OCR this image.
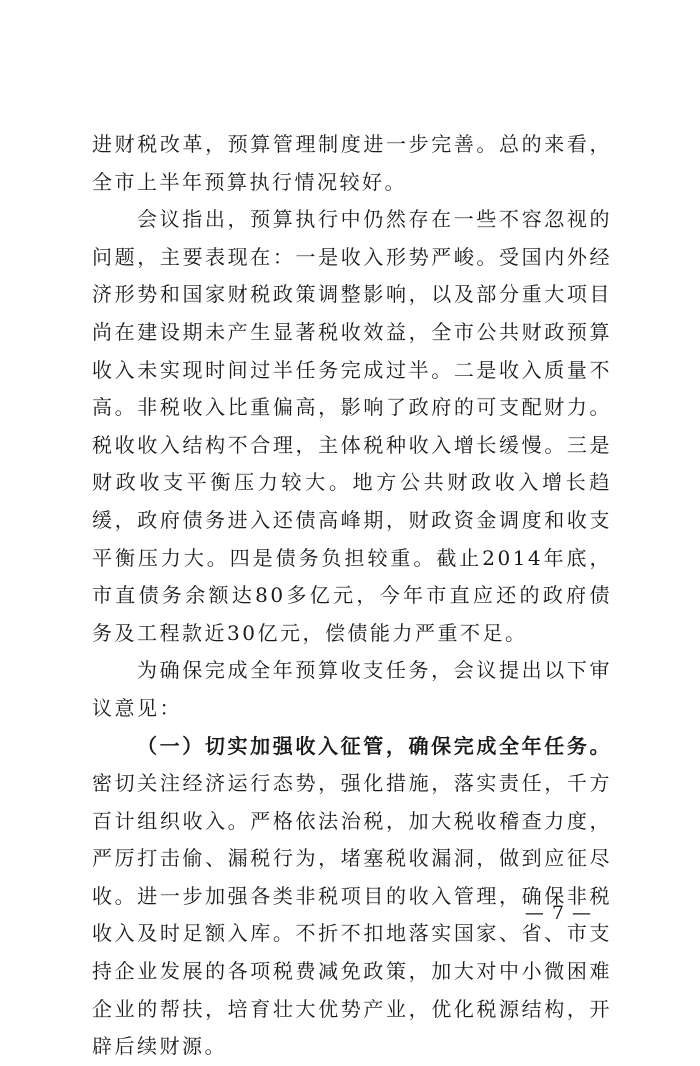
进财税改革，预算管理制度进一步完善。总的来看，全市上半年预算执行情况较好。

会议指出，预算执行中仍然存在一些不容忽视的问题，主要表现在：一是收入形势严峻。受国内外经济形势和国家财税政策调整影响，以及部分重大项目尚在建设期未产生显著税收效益，全市公共财政预算收入未实现时间过半任务完成过半。二是收入质量不高。非税收入比重偏高，影响了政府的可支配财力。税收收入结构不合理，主体税种收入增长缓慢。三是财政收支平衡压力较大。地方公共财政收入增长趋缓，政府债务进入还债高峰期，财政资金调度和收支平衡压力大。四是债务负担较重。截止2014年底，市直债务余额达80多亿元，今年市直应还的政府债务及工程款近30亿元，偿债能力严重不足。

为确保完成全年预算收支任务，会议提出以下审议意见：

（一）切实加强收入征管，确保完成全年任务。密切关注经济运行态势，强化措施，落实责任，千方百计组织收入。严格依法治税，加大税收稽查力度，严厉打击偷、漏税行为，堵塞税收漏洞，做到应征尽收。进一步加强各类非税项目的收入管理，确保非税收入及时足额入库。不折不扣地落实国家、省、市支持企业发展的各项税费减免政策，加大对中小微困难企业的帮扶，培育壮大优势产业，优化税源结构，开辟后续财源。

— 7 —
